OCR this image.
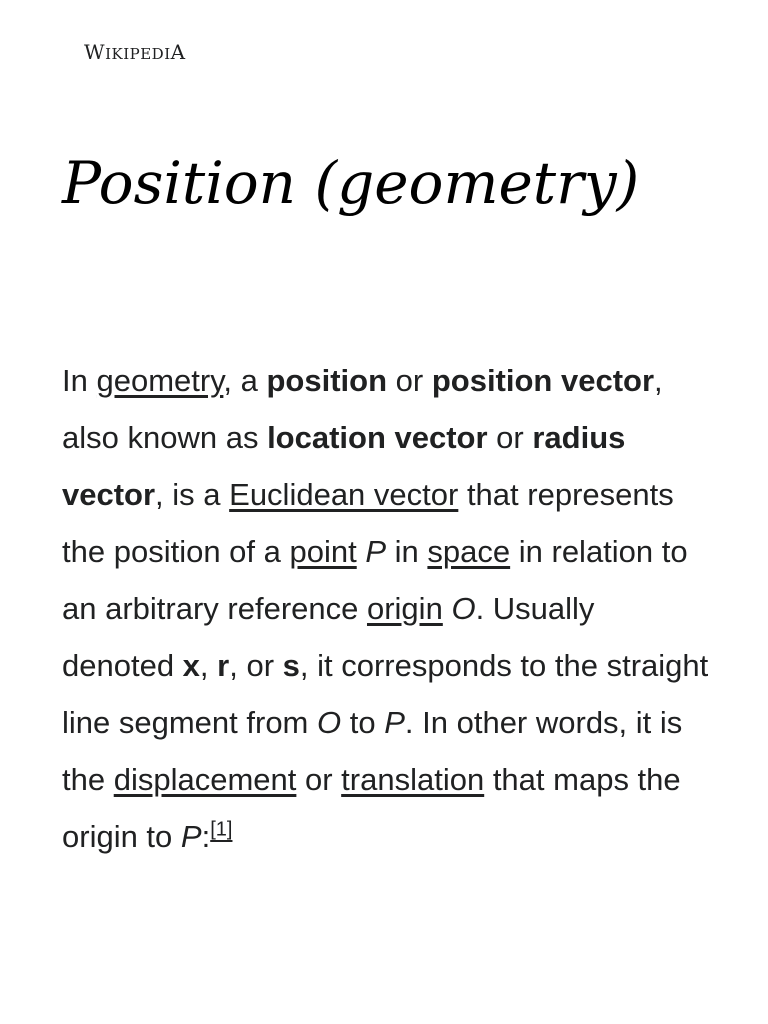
WIKIPEDIA
Position (geometry)

In geometry, a position or position vector, also known as location vector or radius vector, is a Euclidean vector that represents the position of a point P in space in relation to an arbitrary reference origin O. Usually denoted x, r, or s, it corresponds to the straight line segment from O to P. In other words, it is the displacement or translation that maps the origin to P:[1]
